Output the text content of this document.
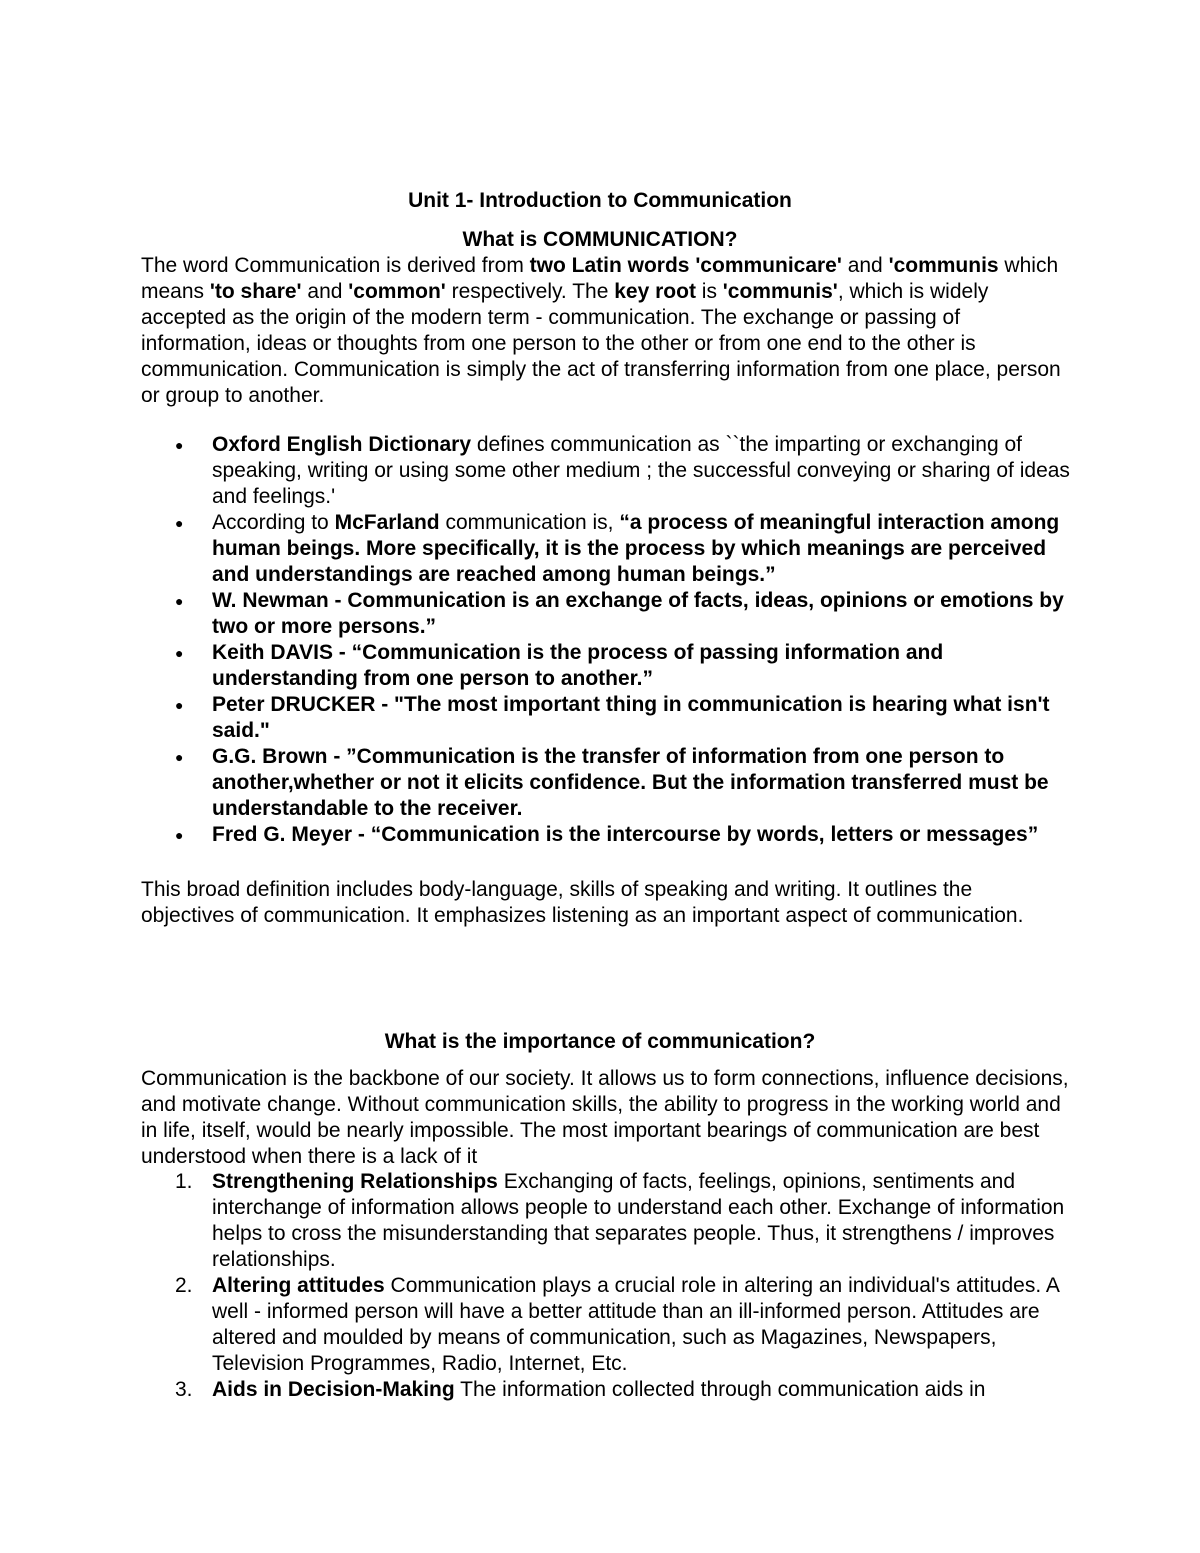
Unit 1- Introduction to Communication
What is COMMUNICATION?

The word Communication is derived from two Latin words 'communicare' and 'communis which means 'to share' and 'common' respectively. The key root is 'communis', which is widely accepted as the origin of the modern term - communication. The exchange or passing of information, ideas or thoughts from one person to the other or from one end to the other is communication. Communication is simply the act of transferring information from one place, person or group to another.

● Oxford English Dictionary defines communication as ``the imparting or exchanging of speaking, writing or using some other medium ; the successful conveying or sharing of ideas and feelings.'
● According to McFarland communication is, “a process of meaningful interaction among human beings. More specifically, it is the process by which meanings are perceived and understandings are reached among human beings.”
● W. Newman - Communication is an exchange of facts, ideas, opinions or emotions by two or more persons.”
● Keith DAVIS - “Communication is the process of passing information and understanding from one person to another.”
● Peter DRUCKER - "The most important thing in communication is hearing what isn't said."
● G.G. Brown - ”Communication is the transfer of information from one person to another,whether or not it elicits confidence. But the information transferred must be understandable to the receiver.
● Fred G. Meyer - “Communication is the intercourse by words, letters or messages”

This broad definition includes body-language, skills of speaking and writing. It outlines the objectives of communication. It emphasizes listening as an important aspect of communication.

What is the importance of communication?

Communication is the backbone of our society. It allows us to form connections, influence decisions, and motivate change. Without communication skills, the ability to progress in the working world and in life, itself, would be nearly impossible. The most important bearings of communication are best understood when there is a lack of it

1. Strengthening Relationships Exchanging of facts, feelings, opinions, sentiments and interchange of information allows people to understand each other. Exchange of information helps to cross the misunderstanding that separates people. Thus, it strengthens / improves relationships.
2. Altering attitudes Communication plays a crucial role in altering an individual's attitudes. A well - informed person will have a better attitude than an ill-informed person. Attitudes are altered and moulded by means of communication, such as Magazines, Newspapers, Television Programmes, Radio, Internet, Etc.
3. Aids in Decision-Making The information collected through communication aids in
